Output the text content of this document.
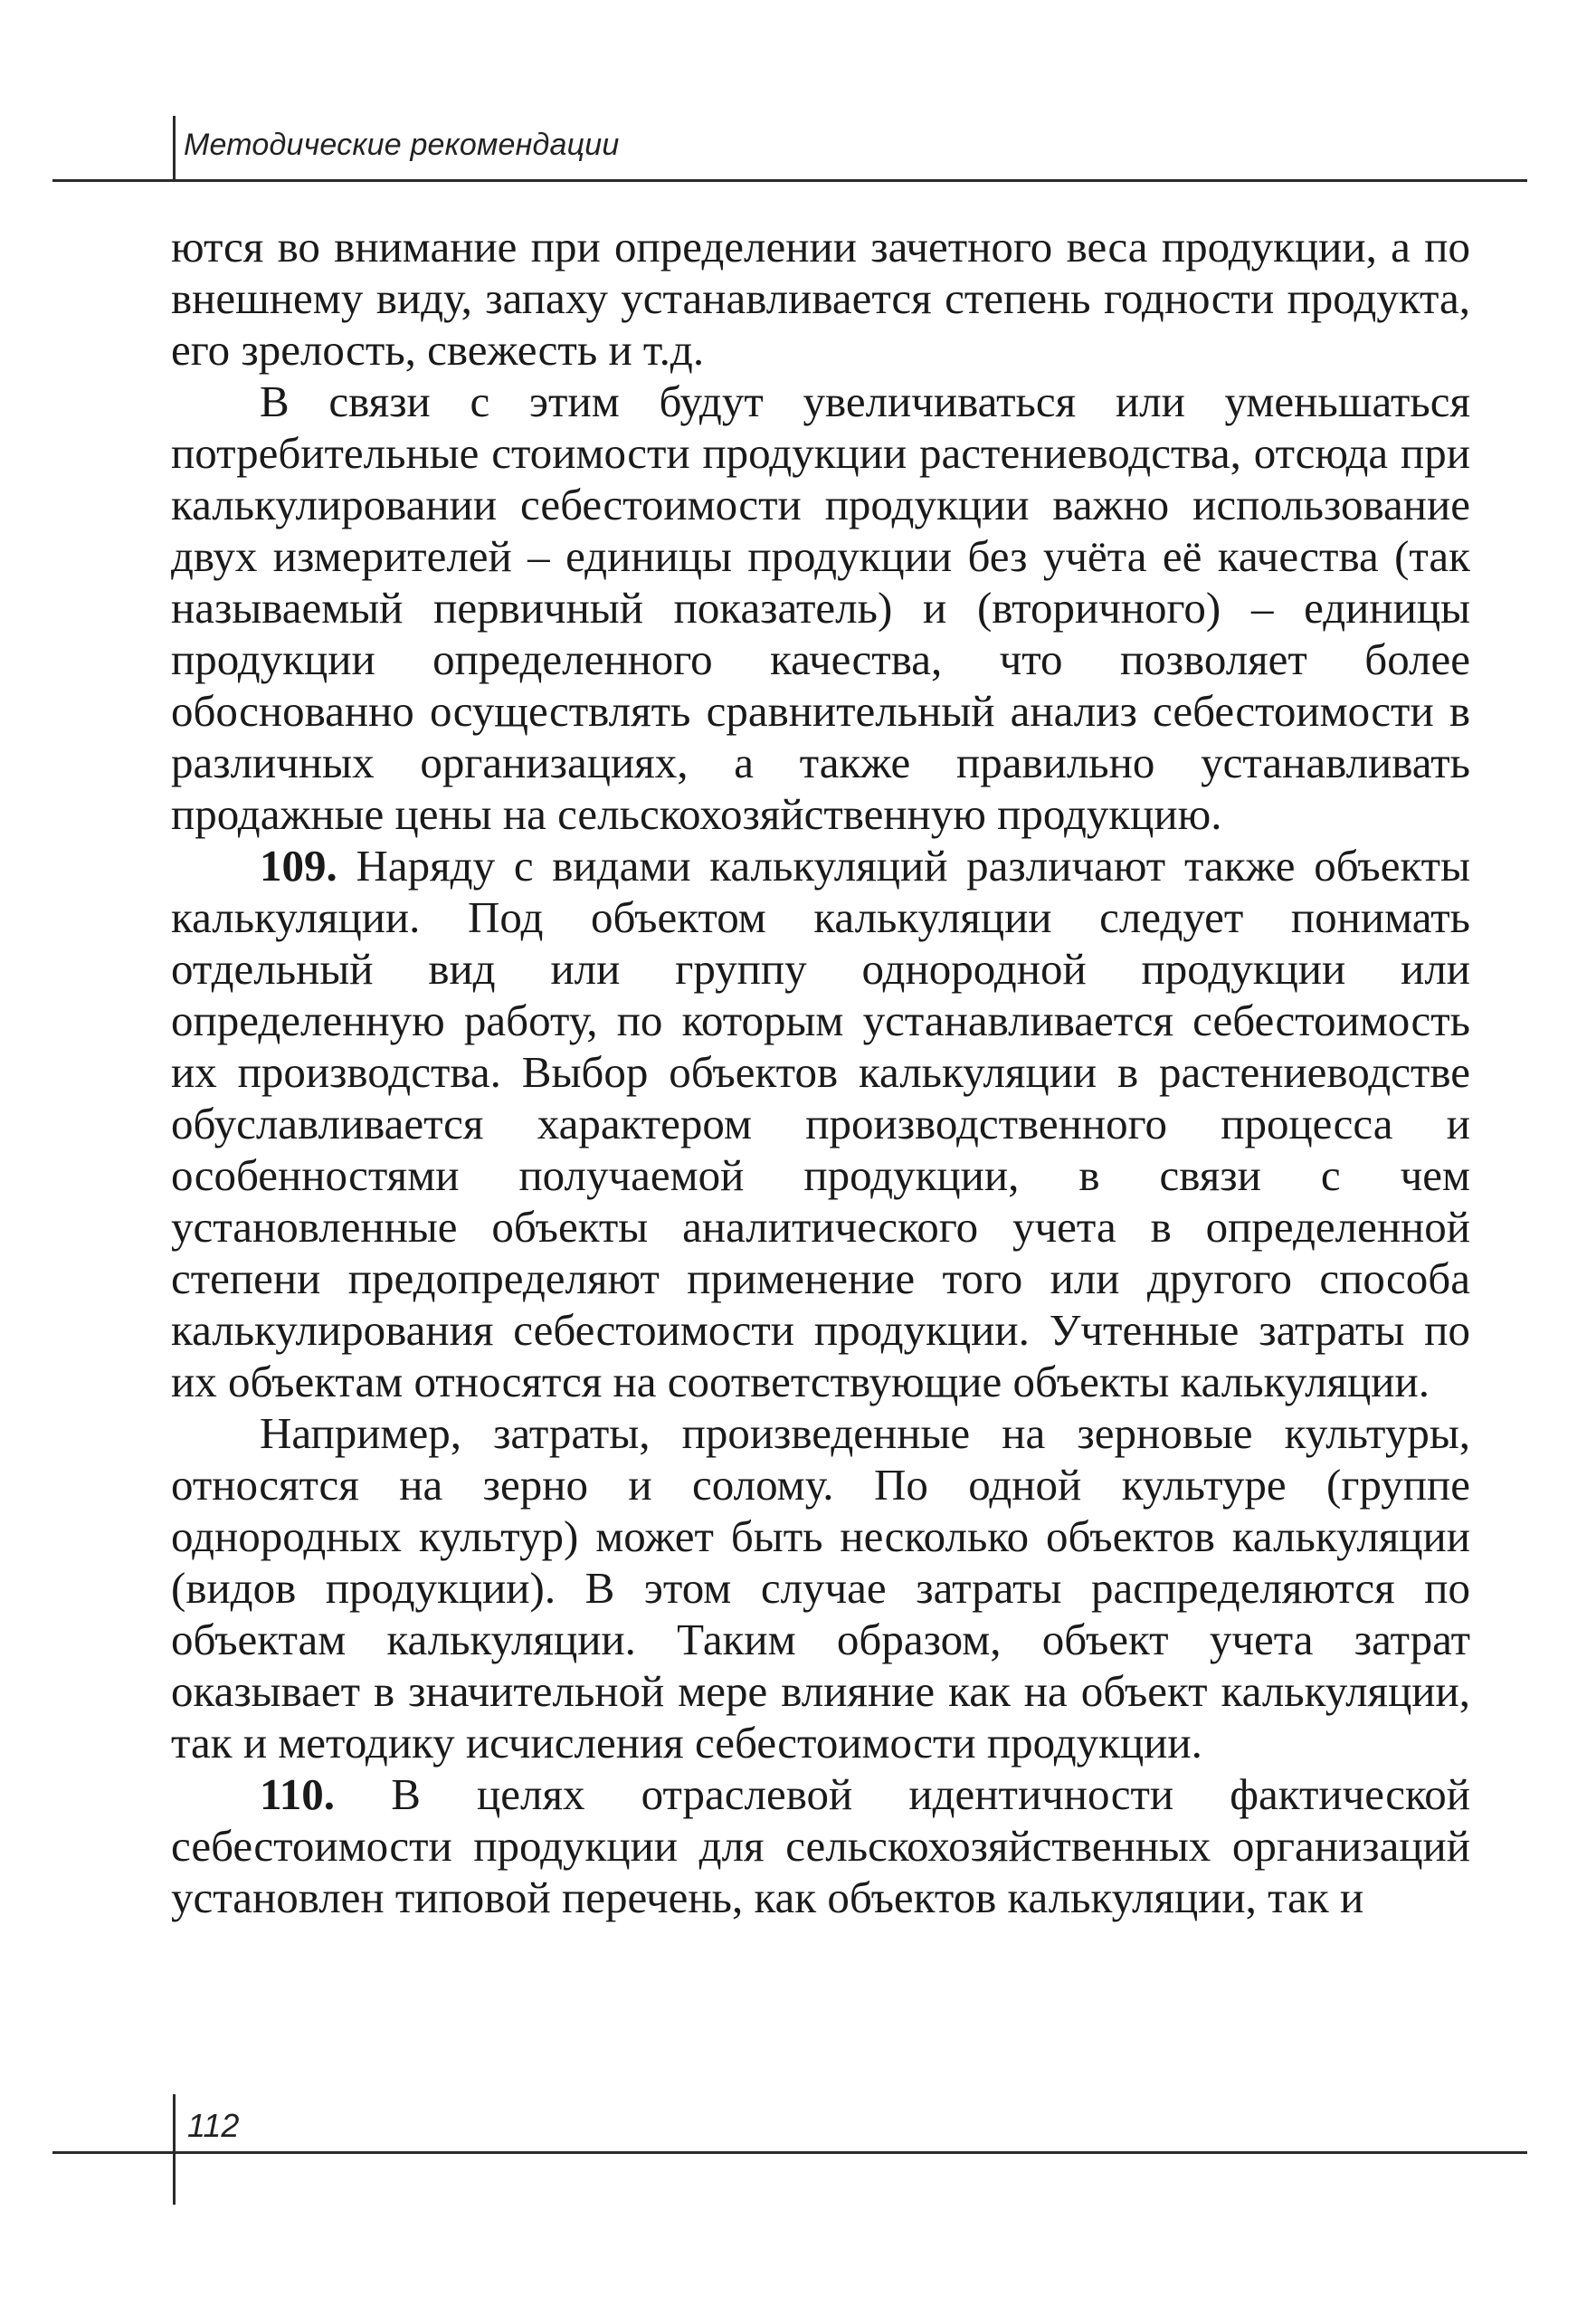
Методические рекомендации

ются во внимание при определении зачетного веса продукции, а по внешнему виду, запаху устанавливается степень годности продукта, его зрелость, свежесть и т.д.

В связи с этим будут увеличиваться или уменьшаться потребительные стоимости продукции растениеводства, отсюда при калькулировании себестоимости продукции важно использование двух измерителей – единицы продукции без учёта её качества (так называемый первичный показатель) и (вторичного) – единицы продукции определенного качества, что позволяет более обоснованно осуществлять сравнительный анализ себестоимости в различных организациях, а также правильно устанавливать продажные цены на сельскохозяйственную продукцию.

109. Наряду с видами калькуляций различают также объекты калькуляции. Под объектом калькуляции следует понимать отдельный вид или группу однородной продукции или определенную работу, по которым устанавливается себестоимость их производства. Выбор объектов калькуляции в растениеводстве обуславливается характером производственного процесса и особенностями получаемой продукции, в связи с чем установленные объекты аналитического учета в определенной степени предопределяют применение того или другого способа калькулирования себестоимости продукции. Учтенные затраты по их объектам относятся на соответствующие объекты калькуляции.

Например, затраты, произведенные на зерновые культуры, относятся на зерно и солому. По одной культуре (группе однородных культур) может быть несколько объектов калькуляции (видов продукции). В этом случае затраты распределяются по объектам калькуляции. Таким образом, объект учета затрат оказывает в значительной мере влияние как на объект калькуляции, так и методику исчисления себестоимости продукции.

110. В целях отраслевой идентичности фактической себестоимости продукции для сельскохозяйственных организаций установлен типовой перечень, как объектов калькуляции, так и

112
